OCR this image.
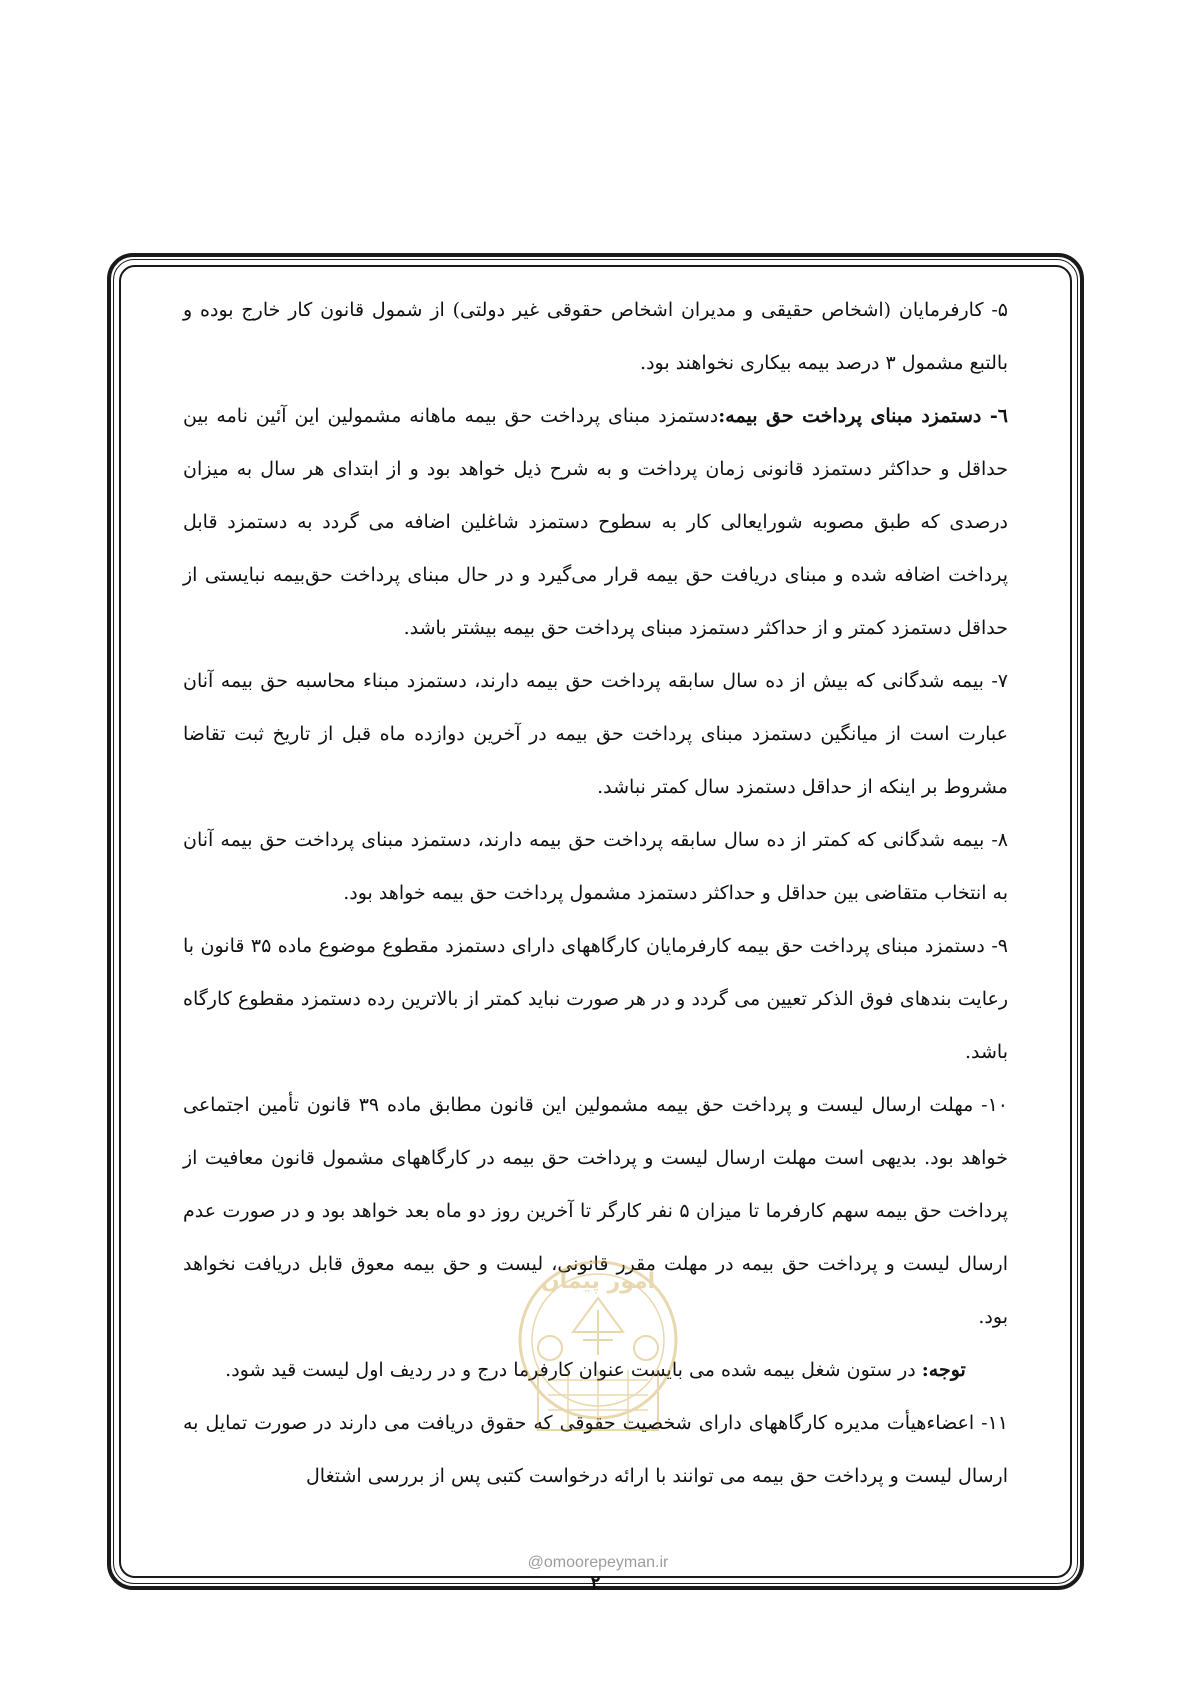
۵- کارفرمایان (اشخاص حقیقی و مدیران اشخاص حقوقی غیر دولتی) از شمول قانون کار خارج بوده و بالتبع مشمول ۳ درصد بیمه بیکاری نخواهند بود.

٦- دستمزد مبنای پرداخت حق بیمه:دستمزد مبنای پرداخت حق بیمه ماهانه مشمولین این آئین نامه بین حداقل و حداکثر دستمزد قانونی زمان پرداخت و به شرح ذیل خواهد بود و از ابتدای هر سال به میزان درصدی که طبق مصوبه شورایعالی کار به سطوح دستمزد شاغلین اضافه می گردد به دستمزد قابل پرداخت اضافه شده و مبنای دریافت حق بیمه قرار می‌گیرد و در حال مبنای پرداخت حق‌بیمه نبایستی از حداقل دستمزد کمتر و از حداکثر دستمزد مبنای پرداخت حق بیمه بیشتر باشد.

۷- بیمه شدگانی که بیش از ده سال سابقه پرداخت حق بیمه دارند، دستمزد مبناء محاسبه حق بیمه آنان عبارت است از میانگین دستمزد مبنای پرداخت حق بیمه در آخرین دوازده ماه قبل از تاریخ ثبت تقاضا مشروط بر اینکه از حداقل دستمزد سال کمتر نباشد.

۸- بیمه شدگانی که کمتر از ده سال سابقه پرداخت حق بیمه دارند، دستمزد مبنای پرداخت حق بیمه آنان به انتخاب متقاضی بین حداقل و حداکثر دستمزد مشمول پرداخت حق بیمه خواهد بود.

۹- دستمزد مبنای پرداخت حق بیمه کارفرمایان کارگاههای دارای دستمزد مقطوع موضوع ماده ۳۵ قانون با رعایت بندهای فوق الذکر تعیین می گردد و در هر صورت نباید کمتر از بالاترین رده دستمزد مقطوع کارگاه باشد.

۱۰- مهلت ارسال لیست و پرداخت حق بیمه مشمولین این قانون مطابق ماده ۳۹ قانون تأمین اجتماعی خواهد بود. بدیهی است مهلت ارسال لیست و پرداخت حق بیمه در کارگاههای مشمول قانون معافیت از پرداخت حق بیمه سهم کارفرما تا میزان ۵ نفر کارگر تا آخرین روز دو ماه بعد خواهد بود و در صورت عدم ارسال لیست و پرداخت حق بیمه در مهلت مقرر قانونی، لیست و حق بیمه معوق قابل دریافت نخواهد بود.

توجه: در ستون شغل بیمه شده می بایست عنوان کارفرما درج و در ردیف اول لیست قید شود.

۱۱- اعضاءهیأت مدیره کارگاههای دارای شخصیت حقوقی که حقوق دریافت می دارند در صورت تمایل به ارسال لیست و پرداخت حق بیمه می توانند با ارائه درخواست کتبی پس از بررسی اشتغال

امور پیمان
@omoorepeyman.ir
۲
